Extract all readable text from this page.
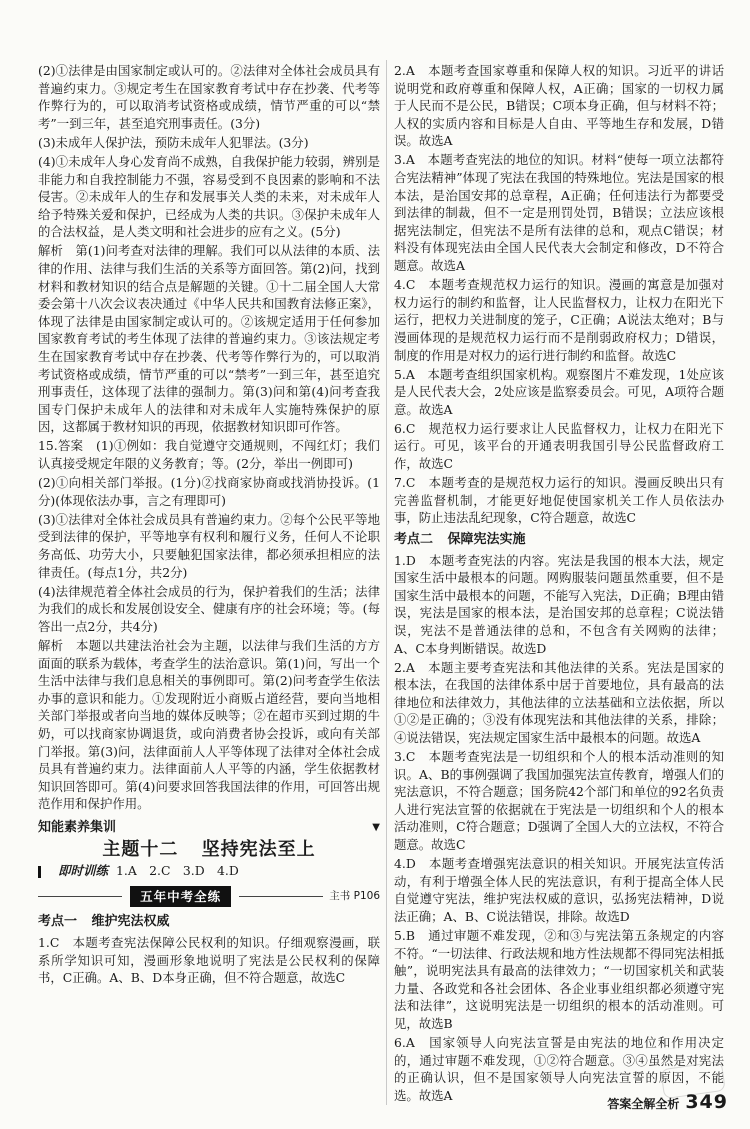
(2)①法律是由国家制定或认可的。②法律对全体社会成员具有普遍约束力。③规定考生在国家教育考试中存在抄袭、代考等作弊行为的，可以取消考试资格或成绩，情节严重的可以“禁考”一到三年，甚至追究刑事责任。(3分)

(3)未成年人保护法，预防未成年人犯罪法。(3分)

(4)①未成年人身心发育尚不成熟，自我保护能力较弱，辨别是非能力和自我控制能力不强，容易受到不良因素的影响和不法侵害。②未成年人的生存和发展事关人类的未来，对未成年人给予特殊关爱和保护，已经成为人类的共识。③保护未成年人的合法权益，是人类文明和社会进步的应有之义。(5分)

解析　第(1)问考查对法律的理解。我们可以从法律的本质、法律的作用、法律与我们生活的关系等方面回答。第(2)问，找到材料和教材知识的结合点是解题的关键。①十二届全国人大常委会第十八次会议表决通过《中华人民共和国教育法修正案》，体现了法律是由国家制定或认可的。②该规定适用于任何参加国家教育考试的考生体现了法律的普遍约束力。③该法规定考生在国家教育考试中存在抄袭、代考等作弊行为的，可以取消考试资格或成绩，情节严重的可以“禁考”一到三年，甚至追究刑事责任，这体现了法律的强制力。第(3)问和第(4)问考查我国专门保护未成年人的法律和对未成年人实施特殊保护的原因，这都属于教材知识的再现，依据教材知识即可作答。

15.答案　(1)①例如：我自觉遵守交通规则，不闯红灯；我们认真接受规定年限的义务教育；等。(2分，举出一例即可)

(2)①向相关部门举报。(1分)②找商家协商或找消协投诉。(1分)(体现依法办事，言之有理即可)

(3)①法律对全体社会成员具有普遍约束力。②每个公民平等地受到法律的保护，平等地享有权利和履行义务，任何人不论职务高低、功劳大小，只要触犯国家法律，都必须承担相应的法律责任。(每点1分，共2分)

(4)法律规范着全体社会成员的行为，保护着我们的生活；法律为我们的成长和发展创设安全、健康有序的社会环境；等。(每答出一点2分，共4分)

解析　本题以共建法治社会为主题，以法律与我们生活的方方面面的联系为载体，考查学生的法治意识。第(1)问，写出一个生活中法律与我们息息相关的事例即可。第(2)问考查学生依法办事的意识和能力。①发现附近小商贩占道经营，要向当地相关部门举报或者向当地的媒体反映等；②在超市买到过期的牛奶，可以找商家协调退货，或向消费者协会投诉，或向有关部门举报。第(3)问，法律面前人人平等体现了法律对全体社会成员具有普遍约束力。法律面前人人平等的内涵，学生依据教材知识回答即可。第(4)问要求回答我国法律的作用，可回答出规范作用和保护作用。

知能素养集训	▼
主题十二 坚持宪法至上
即时训练 1.A　2.C　3.D　4.D
五年中考全练	主书 P106
考点一 维护宪法权威

1.C　本题考查宪法保障公民权利的知识。仔细观察漫画，联系所学知识可知，漫画形象地说明了宪法是公民权利的保障书，C正确。A、B、D本身正确，但不符合题意，故选C

2.A　本题考查国家尊重和保障人权的知识。习近平的讲话说明党和政府尊重和保障人权，A正确；国家的一切权力属于人民而不是公民，B错误；C项本身正确，但与材料不符；人权的实质内容和目标是人自由、平等地生存和发展，D错误。故选A

3.A　本题考查宪法的地位的知识。材料“使每一项立法都符合宪法精神”体现了宪法在我国的特殊地位。宪法是国家的根本法，是治国安邦的总章程，A正确；任何违法行为都要受到法律的制裁，但不一定是刑罚处罚，B错误；立法应该根据宪法制定，但宪法不是所有法律的总和，观点C错误；材料没有体现宪法由全国人民代表大会制定和修改，D不符合题意。故选A

4.C　本题考查规范权力运行的知识。漫画的寓意是加强对权力运行的制约和监督，让人民监督权力，让权力在阳光下运行，把权力关进制度的笼子，C正确；A说法太绝对；B与漫画体现的是规范权力运行而不是削弱政府权力；D错误，制度的作用是对权力的运行进行制约和监督。故选C

5.A　本题考查组织国家机构。观察图片不难发现，1处应该是人民代表大会，2处应该是监察委员会。可见，A项符合题意。故选A

6.C　规范权力运行要求让人民监督权力，让权力在阳光下运行。可见，该平台的开通表明我国引导公民监督政府工作，故选C

7.C　本题考查的是规范权力运行的知识。漫画反映出只有完善监督机制，才能更好地促使国家机关工作人员依法办事，防止违法乱纪现象，C符合题意，故选C

考点二 保障宪法实施

1.D　本题考查宪法的内容。宪法是我国的根本大法，规定国家生活中最根本的问题。网购服装问题虽然重要，但不是国家生活中最根本的问题，不能写入宪法，D正确；B理由错误，宪法是国家的根本法，是治国安邦的总章程；C说法错误，宪法不是普通法律的总和，不包含有关网购的法律；A、C本身判断错误。故选D

2.A　本题主要考查宪法和其他法律的关系。宪法是国家的根本法，在我国的法律体系中居于首要地位，具有最高的法律地位和法律效力，其他法律的立法基础和立法依据，所以①②是正确的；③没有体现宪法和其他法律的关系，排除；④说法错误，宪法规定国家生活中最根本的问题。故选A

3.C　本题考查宪法是一切组织和个人的根本活动准则的知识。A、B的事例强调了我国加强宪法宣传教育，增强人们的宪法意识，不符合题意；国务院42个部门和单位的92名负责人进行宪法宣誓的依据就在于宪法是一切组织和个人的根本活动准则，C符合题意；D强调了全国人大的立法权，不符合题意。故选C

4.D　本题考查增强宪法意识的相关知识。开展宪法宣传活动，有利于增强全体人民的宪法意识，有利于提高全体人民自觉遵守宪法，维护宪法权威的意识，弘扬宪法精神，D说法正确；A、B、C说法错误，排除。故选D

5.B　通过审题不难发现，②和③与宪法第五条规定的内容不符。“一切法律、行政法规和地方性法规都不得同宪法相抵触”，说明宪法具有最高的法律效力；“一切国家机关和武装力量、各政党和各社会团体、各企业事业组织都必须遵守宪法和法律”，这说明宪法是一切组织的根本的活动准则。可见，故选B

6.A　国家领导人向宪法宣誓是由宪法的地位和作用决定的，通过审题不难发现，①②符合题意。③④虽然是对宪法的正确认识，但不是国家领导人向宪法宣誓的原因，不能选。故选A

答案全解全析 349
